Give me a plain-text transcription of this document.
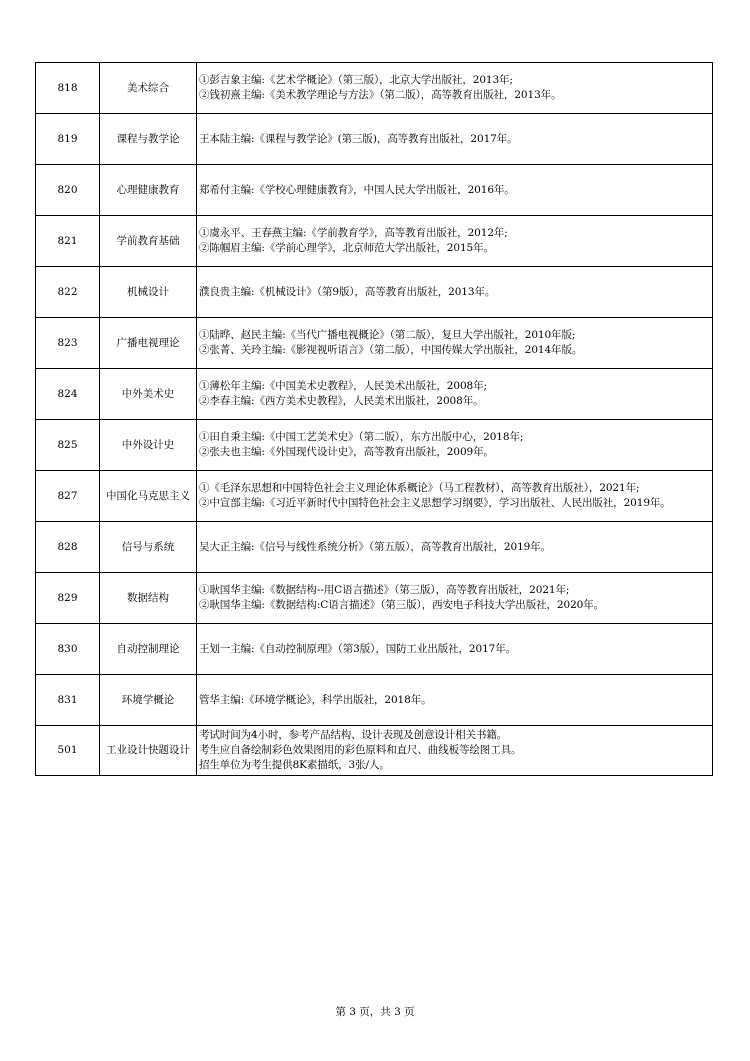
818	美术综合	①彭吉象主编:《艺术学概论》（第三版），北京大学出版社，2013年;
②钱初熹主编:《美术教学理论与方法》（第二版），高等教育出版社，2013年。

819	课程与教学论	王本陆主编:《课程与教学论》(第三版)，高等教育出版社，2017年。

820	心理健康教育	郑希付主编:《学校心理健康教育》，中国人民大学出版社，2016年。

821	学前教育基础	①虞永平、王春燕主编:《学前教育学》，高等教育出版社，2012年;
②陈帼眉主编:《学前心理学》，北京师范大学出版社，2015年。

822	机械设计	濮良贵主编:《机械设计》（第9版），高等教育出版社，2013年。

823	广播电视理论	①陆晔、赵民主编:《当代广播电视概论》（第二版），复旦大学出版社，2010年版;
②张菁、关玲主编:《影视视听语言》（第二版），中国传媒大学出版社，2014年版。

824	中外美术史	①薄松年主编:《中国美术史教程》，人民美术出版社，2008年;
②李春主编:《西方美术史教程》，人民美术出版社，2008年。

825	中外设计史	①田自秉主编:《中国工艺美术史》（第二版），东方出版中心，2018年;
②张夫也主编:《外国现代设计史》，高等教育出版社，2009年。

827	中国化马克思主义	①《毛泽东思想和中国特色社会主义理论体系概论》（马工程教材），高等教育出版社），2021年;
②中宣部主编:《习近平新时代中国特色社会主义思想学习纲要》，学习出版社、人民出版社，2019年。

828	信号与系统	吴大正主编:《信号与线性系统分析》（第五版），高等教育出版社，2019年。

829	数据结构	①耿国华主编:《数据结构--用C语言描述》（第三版），高等教育出版社，2021年;
②耿国华主编:《数据结构:C语言描述》（第三版），西安电子科技大学出版社，2020年。

830	自动控制理论	王划一主编:《自动控制原理》（第3版），国防工业出版社，2017年。

831	环境学概论	管华主编:《环境学概论》，科学出版社，2018年。

501	工业设计快题设计	考试时间为4小时，参考产品结构、设计表现及创意设计相关书籍。
考生应自备绘制彩色效果图用的彩色原料和直尺、曲线板等绘图工具。
招生单位为考生提供8K素描纸，3张/人。
第 3 页，共 3 页
